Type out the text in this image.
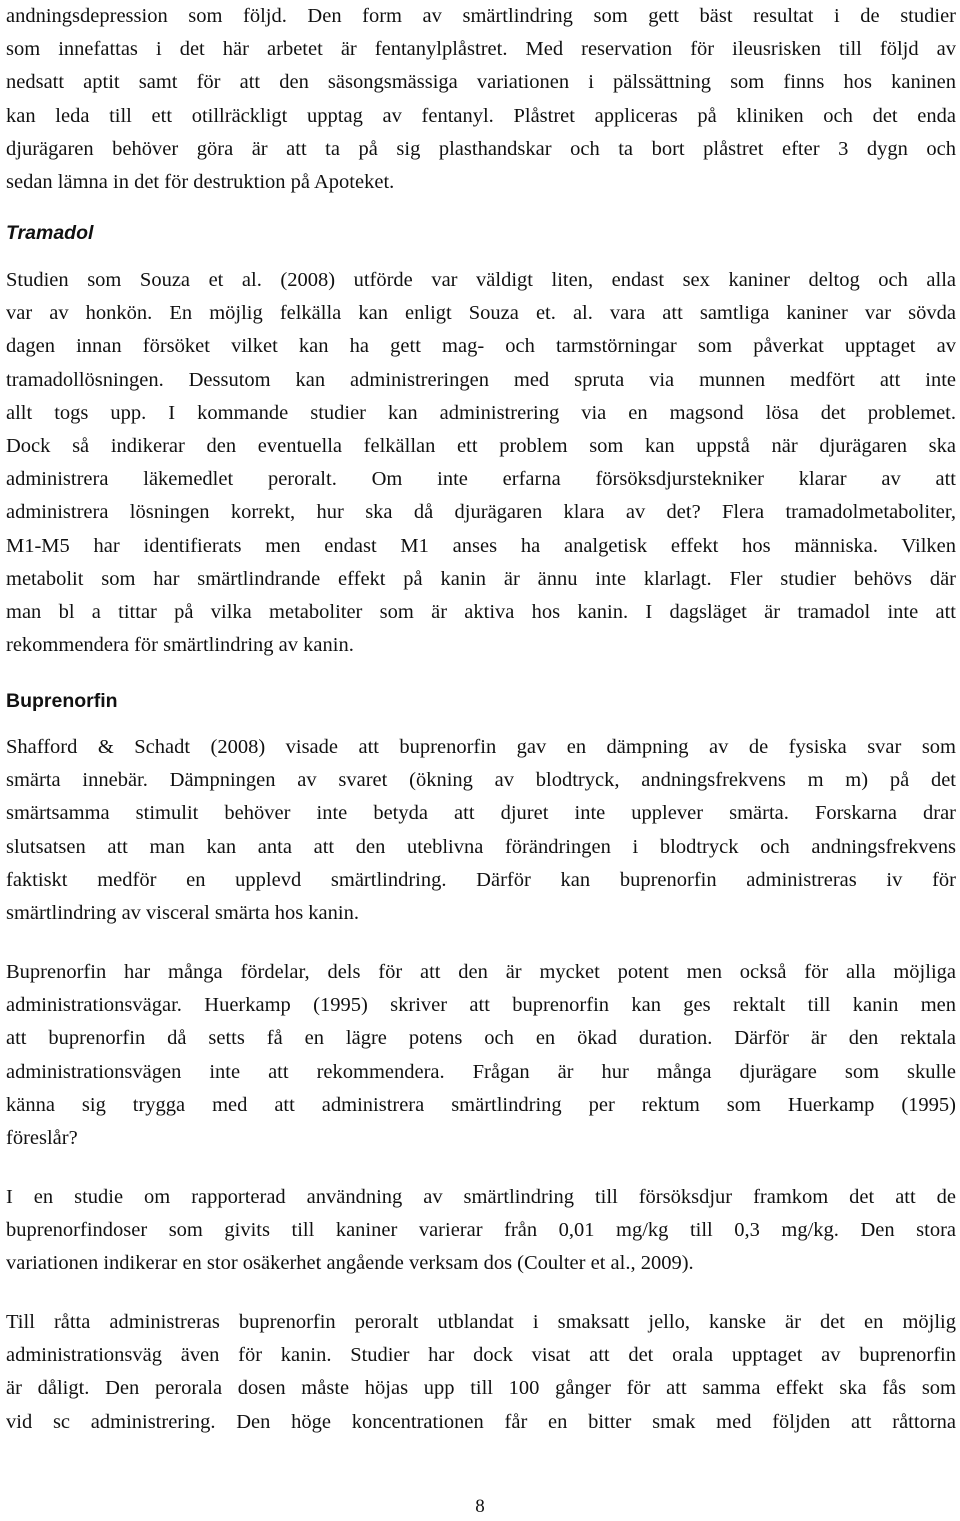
andningsdepression som följd. Den form av smärtlindring som gett bäst resultat i de studier
som innefattas i det här arbetet är fentanylplåstret. Med reservation för ileusrisken till följd av
nedsatt aptit samt för att den säsongsmässiga variationen i pälssättning som finns hos kaninen
kan leda till ett otillräckligt upptag av fentanyl. Plåstret appliceras på kliniken och det enda
djurägaren behöver göra är att ta på sig plasthandskar och ta bort plåstret efter 3 dygn och
sedan lämna in det för destruktion på Apoteket.
Tramadol
Studien som Souza et al. (2008) utförde var väldigt liten, endast sex kaniner deltog och alla
var av honkön. En möjlig felkälla kan enligt Souza et. al. vara att samtliga kaniner var sövda
dagen innan försöket vilket kan ha gett mag- och tarmstörningar som påverkat upptaget av
tramadollösningen. Dessutom kan administreringen med spruta via munnen medfört att inte
allt togs upp. I kommande studier kan administrering via en magsond lösa det problemet.
Dock så indikerar den eventuella felkällan ett problem som kan uppstå när djurägaren ska
administrera läkemedlet peroralt. Om inte erfarna försöksdjurstekniker klarar av att
administrera lösningen korrekt, hur ska då djurägaren klara av det? Flera tramadolmetaboliter,
M1-M5 har identifierats men endast M1 anses ha analgetisk effekt hos människa. Vilken
metabolit som har smärtlindrande effekt på kanin är ännu inte klarlagt. Fler studier behövs där
man bl a tittar på vilka metaboliter som är aktiva hos kanin. I dagsläget är tramadol inte att
rekommendera för smärtlindring av kanin.
Buprenorfin
Shafford & Schadt (2008) visade att buprenorfin gav en dämpning av de fysiska svar som
smärta innebär. Dämpningen av svaret (ökning av blodtryck, andningsfrekvens m m) på det
smärtsamma stimulit behöver inte betyda att djuret inte upplever smärta. Forskarna drar
slutsatsen att man kan anta att den uteblivna förändringen i blodtryck och andningsfrekvens
faktiskt medför en upplevd smärtlindring. Därför kan buprenorfin administreras iv för
smärtlindring av visceral smärta hos kanin.
Buprenorfin har många fördelar, dels för att den är mycket potent men också för alla möjliga
administrationsvägar. Huerkamp (1995) skriver att buprenorfin kan ges rektalt till kanin men
att buprenorfin då setts få en lägre potens och en ökad duration. Därför är den rektala
administrationsvägen inte att rekommendera. Frågan är hur många djurägare som skulle
känna sig trygga med att administrera smärtlindring per rektum som Huerkamp (1995)
föreslår?
I en studie om rapporterad användning av smärtlindring till försöksdjur framkom det att de
buprenorfindoser som givits till kaniner varierar från 0,01 mg/kg till 0,3 mg/kg. Den stora
variationen indikerar en stor osäkerhet angående verksam dos (Coulter et al., 2009).
Till råtta administreras buprenorfin peroralt utblandat i smaksatt jello, kanske är det en möjlig
administrationsväg även för kanin. Studier har dock visat att det orala upptaget av buprenorfin
är dåligt. Den perorala dosen måste höjas upp till 100 gånger för att samma effekt ska fås som
vid sc administrering. Den höge koncentrationen får en bitter smak med följden att råttorna
8
